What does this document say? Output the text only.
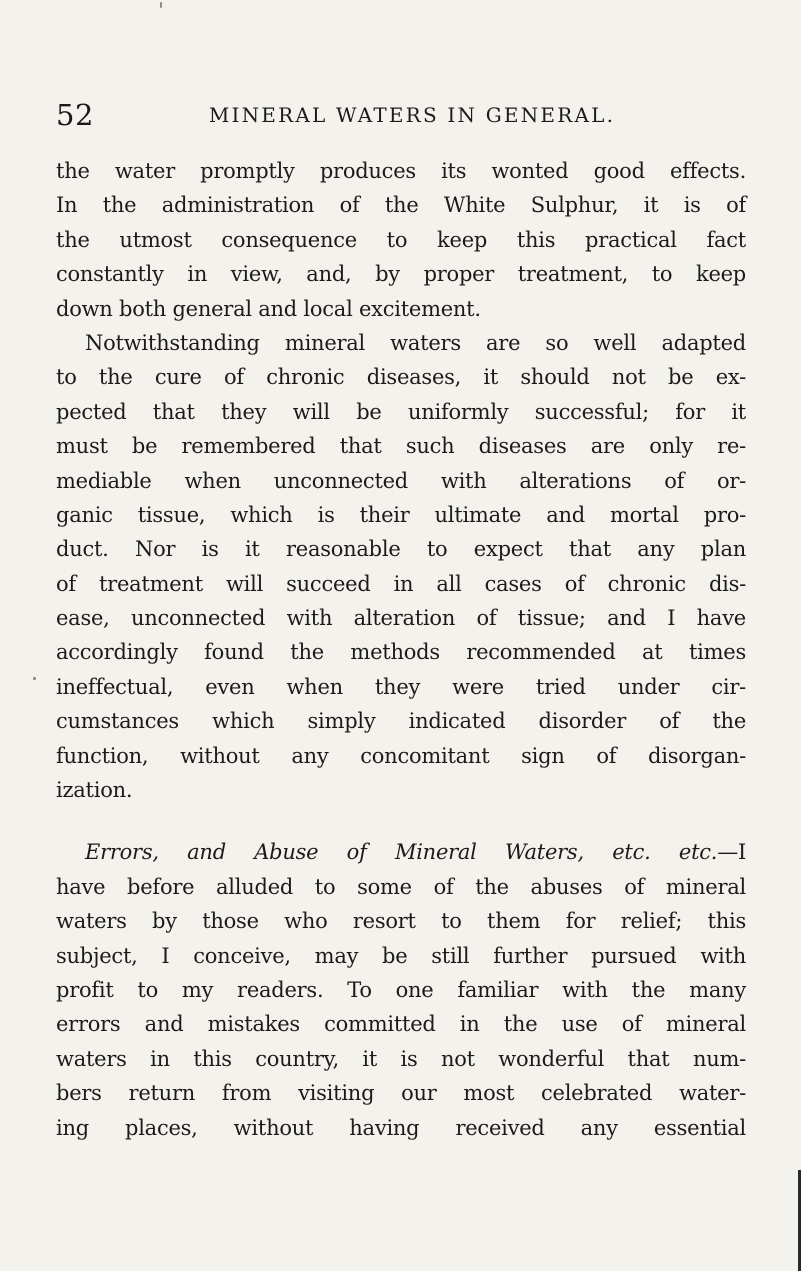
52	MINERAL WATERS IN GENERAL.
the water promptly produces its wonted good effects.
In the administration of the White Sulphur, it is of
the utmost consequence to keep this practical fact
constantly in view, and, by proper treatment, to keep
down both general and local excitement.
Notwithstanding mineral waters are so well adapted
to the cure of chronic diseases, it should not be ex-
pected that they will be uniformly successful; for it
must be remembered that such diseases are only re-
mediable when unconnected with alterations of or-
ganic tissue, which is their ultimate and mortal pro-
duct. Nor is it reasonable to expect that any plan
of treatment will succeed in all cases of chronic dis-
ease, unconnected with alteration of tissue; and I have
accordingly found the methods recommended at times
ineffectual, even when they were tried under cir-
cumstances which simply indicated disorder of the
function, without any concomitant sign of disorgan-
ization.
Errors, and Abuse of Mineral Waters, etc. etc.—I
have before alluded to some of the abuses of mineral
waters by those who resort to them for relief; this
subject, I conceive, may be still further pursued with
profit to my readers. To one familiar with the many
errors and mistakes committed in the use of mineral
waters in this country, it is not wonderful that num-
bers return from visiting our most celebrated water-
ing places, without having received any essential
